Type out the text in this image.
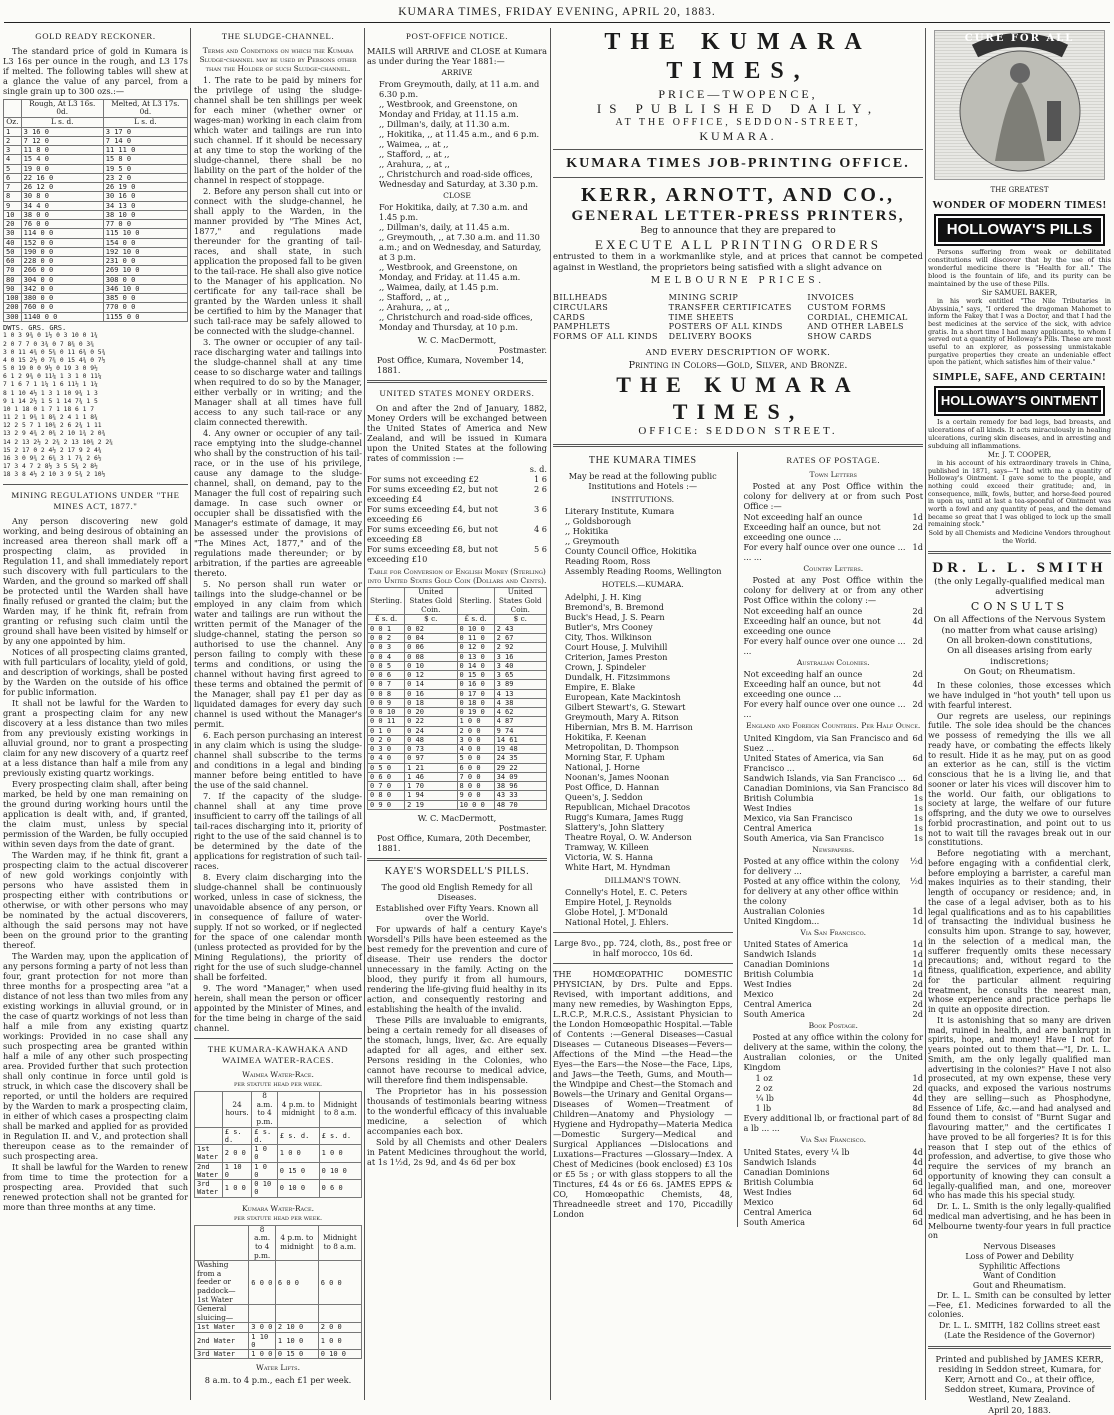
KUMARA TIMES, FRIDAY EVENING, APRIL 20, 1883.
GOLD READY RECKONER.

The standard price of gold in Kumara is L3 16s per ounce in the rough, and L3 17s if melted. The following tables will shew at a glance the value of any parcel, from a single grain up to 300 ozs.:—

	Rough, At L3 16s. 0d.	Melted, At L3 17s. 0d.
Oz.	L s. d.	L s. d.
1	3 16 0	3 17 0
2	7 12 0	7 14 0
3	11 8 0	11 11 0
4	15 4 0	15 8 0
5	19 0 0	19 5 0
6	22 16 0	23 2 0
7	26 12 0	26 19 0
8	30 8 0	30 16 0
9	34 4 0	34 13 0
10	38 0 0	38 10 0
20	76 0 0	77 0 0
30	114 0 0	115 10 0
40	152 0 0	154 0 0
50	190 0 0	192 10 0
60	228 0 0	231 0 0
70	266 0 0	269 10 0
80	304 0 0	308 0 0
90	342 0 0	346 10 0
100	380 0 0	385 0 0
200	760 0 0	770 0 0
300	1140 0 0	1155 0 0
DWTS. GRS. GRS.
1 0 3 9¾ 0 1½ 0 3 10 0 1¾
2 0 7 7 0 3¾ 0 7 8¾ 0 3¾
3 0 11 4¾ 0 5¾ 0 11 6¾ 0 5¾
4 0 15 2½ 0 7¾ 0 15 4¾ 0 7½
5 0 19 0 0 9½ 0 19 3 0 9½
6 1 2 9¾ 0 11¼ 1 3 1 0 11¼
7 1 6 7 1 1¼ 1 6 11½ 1 1¼
8 1 10 4½ 1 3 1 10 9¾ 1 3
9 1 14 2½ 1 5 1 14 7¾ 1 5
10 1 18 0 1 7 1 18 6 1 7
11 2 1 9¾ 1 8¾ 2 4 1 1 8¾
12 2 5 7 1 10¾ 2 6 2¾ 1 11
13 2 9 4¾ 2 0¾ 2 10 1¾ 2 0¾
14 2 13 2½ 2 2¾ 2 13 10¾ 2 2¾
15 2 17 0 2 4½ 2 17 9 2 4¾
16 3 0 9¾ 2 6¾ 3 1 7¾ 2 6½
17 3 4 7 2 8½ 3 5 5¾ 2 8½
18 3 8 4½ 2 10 3 9 5¾ 2 10½
MINING REGULATIONS UNDER "THE MINES ACT, 1877."

Any person discovering new gold working, and being desirous of obtaining an increased area thereon shall mark off a prospecting claim, as provided in Regulation 11, and shall immediately report such discovery with full particulars to the Warden, and the ground so marked off shall be protected until the Warden shall have finally refused or granted the claim; but the Warden may, if he think fit, refrain from granting or refusing such claim until the ground shall have been visited by himself or by any one appointed by him.

Notices of all prospecting claims granted, with full particulars of locality, yield of gold, and description of workings, shall be posted by the Warden on the outside of his office for public information.

It shall not be lawful for the Warden to grant a prospecting claim for any new discovery at a less distance than two miles from any previously existing workings in alluvial ground, nor to grant a prospecting claim for any new discovery of a quartz reef at a less distance than half a mile from any previously existing quartz workings.

Every prospecting claim shall, after being marked, be held by one man remaining on the ground during working hours until the application is dealt with, and, if granted, the claim must, unless by special permission of the Warden, be fully occupied within seven days from the date of grant.

The Warden may, if he think fit, grant a prospecting claim to the actual discoverer of new gold workings conjointly with persons who have assisted them in prospecting either with contributions or otherwise, or with other persons who may be nominated by the actual discoverers, although the said persons may not have been on the ground prior to the granting thereof.

The Warden may, upon the application of any persons forming a party of not less than four, grant protection for not more than three months for a prospecting area "at a distance of not less than two miles from any existing workings in alluvial ground, or in the case of quartz workings of not less than half a mile from any existing quartz workings: Provided in no case shall any such prospecting area be granted within half a mile of any other such prospecting area. Provided further that such protection shall only continue in force until gold is struck, in which case the discovery shall be reported, or until the holders are required by the Warden to mark a prospecting claim, in either of which cases a prospecting claim shall be marked and applied for as provided in Regulation II. and V., and protection shall thereupon cease as to the remainder of such prospecting area.

It shall be lawful for the Warden to renew from time to time the protection for a prospecting area. Provided that such renewed protection shall not be granted for more than three months at any time.

THE SLUDGE-CHANNEL.
Terms and Conditions on which the Kumara Sludge-channel may be used by Persons other than the Holder of such Sludge-channel.

1. The rate to be paid by miners for the privilege of using the sludge-channel shall be ten shillings per week for each miner (whether owner or wages-man) working in each claim from which water and tailings are run into such channel. If it should be necessary at any time to stop the working of the sludge-channel, there shall be no liability on the part of the holder of the channel in respect of stoppage.

2. Before any person shall cut into or connect with the sludge-channel, he shall apply to the Warden, in the manner provided by "The Mines Act, 1877," and regulations made thereunder for the granting of tail-races, and shall state, in such application the proposed fall to be given to the tail-race. He shall also give notice to the Manager of his application. No certificate for any tail-race shall be granted by the Warden unless it shall be certified to him by the Manager that such tail-race may be safely allowed to be connected with the sludge-channel.

3. The owner or occupier of any tail-race discharging water and tailings into the sludge-channel shall at any time cease to so discharge water and tailings when required to do so by the Manager, either verbally or in writing; and the Manager shall at all times have full access to any such tail-race or any claim connected therewith.

4. Any owner or occupier of any tail-race emptying into the sludge-channel who shall by the construction of his tail-race, or in the use of his privilege, cause any damage to the sludge-channel, shall, on demand, pay to the Manager the full cost of repairing such damage. In case such owner or occupier shall be dissatisfied with the Manager's estimate of damage, it may be assessed under the provisions of "The Mines Act, 1877," and of the regulations made thereunder; or by arbitration, if the parties are agreeable thereto.

5. No person shall run water or tailings into the sludge-channel or be employed in any claim from which water and tailings are run without the written permit of the Manager of the sludge-channel, stating the person so authorised to use the channel. Any person failing to comply with these terms and conditions, or using the channel without having first agreed to these terms and obtained the permit of the Manager, shall pay £1 per day as liquidated damages for every day such channel is used without the Manager's permit.

6. Each person purchasing an interest in any claim which is using the sludge-channel shall subscribe to the terms and conditions in a legal and binding manner before being entitled to have the use of the said channel.

7. If the capacity of the sludge-channel shall at any time prove insufficient to carry off the tailings of all tail-races discharging into it, priority of right to the use of the said channel is to be determined by the date of the applications for registration of such tail-races.

8. Every claim discharging into the sludge-channel shall be continuously worked, unless in case of sickness, the unavoidable absence of any person, or in consequence of failure of water-supply. If not so worked, or if neglected for the space of one calendar month (unless protected as provided for by the Mining Regulations), the priority of right for the use of such sludge-channel shall be forfeited.

9. The word "Manager," when used herein, shall mean the person or officer appointed by the Minister of Mines, and for the time being in charge of the said channel.

THE KUMARA-KAWHAKA AND WAIMEA WATER-RACES.
Waimea Water-Race.
per statute head per week.
	24 hours.	8 a.m. to 4 p.m.	4 p.m. to midnight	Midnight to 8 a.m.
	£ s. d.	£ s. d.	£ s. d.	£ s. d.
1st Water	2 0 0	1 0 0	1 0 0	1 0 0
2nd Water	1 10 0	1 0 0	0 15 0	0 10 0
3rd Water	1 0 0	0 10 0	0 10 0	0 6 0
Kumara Water-Race.
per statute head per week.
	8 a.m. to 4 p.m.	4 p.m. to midnight	Midnight to 8 a.m.
Washing from a feeder or paddock—1st Water	6 0 0	6 0 0	6 0 0
General sluicing—			
1st Water	3 0 0	2 10 0	2 0 0
2nd Water	1 10 0	1 10 0	1 0 0
3rd Water	1 0 0	0 15 0	0 10 0
Water Lifts.
8 a.m. to 4 p.m., each £1 per week.
POST-OFFICE NOTICE.

MAILS will ARRIVE and CLOSE at Kumara as under during the Year 1881:—

ARRIVE
From Greymouth, daily, at 11 a.m. and 6.30 p.m.
,, Westbrook, and Greenstone, on Monday and Friday, at 11.15 a.m.
,, Dillman's, daily, at 11.30 a.m.
,, Hokitika, ,, at 11.45 a.m., and 6 p.m.
,, Waimea, ,, at ,,
,, Stafford, ,, at ,,
,, Arahura, ,, at ,,
,, Christchurch and road-side offices, Wednesday and Saturday, at 3.30 p.m.
CLOSE
For Hokitika, daily, at 7.30 a.m. and 1.45 p.m.
,, Dillman's, daily, at 11.45 a.m.
,, Greymouth, ,, at 7.30 a.m. and 11.30 a.m.; and on Wednesday, and Saturday, at 3 p.m.
,, Westbrook, and Greenstone, on Monday, and Friday. at 11.45 a.m.
,, Waimea, daily, at 1.45 p.m.
,, Stafford, ,, at ,,
,, Arahura, ,, at ,,
,, Christchurch and road-side offices, Monday and Thursday, at 10 p.m.
W. C. MacDermott,
Postmaster.
Post Office, Kumara, November 14, 1881.
UNITED STATES MONEY ORDERS.

On and after the 2nd of January, 1882, Money Orders will be exchanged between the United States of America and New Zealand, and will be issued in Kumara upon the United States at the following rates of commission :—

s. d.
For sums not exceeding £2	1 6
For sums exceeding £2, but not exceeding £4
2 6
For sums exceeding £4, but not exceeding £6
3 6
For sums exceeding £6, but not exceeding £8
4 6
For sums exceeding £8, but not exceeding £10
5 6
Table for Conversion of English Money (Sterling) into United States Gold Coin (Dollars and Cents).
Sterling.	United States Gold Coin.	Sterling.	United States Gold Coin.
£ s. d.	$ c.	£ s. d.	$ c.
0 0 1	0 02	0 10 0	2 43
0 0 2	0 04	0 11 0	2 67
0 0 3	0 06	0 12 0	2 92
0 0 4	0 08	0 13 0	3 16
0 0 5	0 10	0 14 0	3 40
0 0 6	0 12	0 15 0	3 65
0 0 7	0 14	0 16 0	3 89
0 0 8	0 16	0 17 0	4 13
0 0 9	0 18	0 18 0	4 38
0 0 10	0 20	0 19 0	4 62
0 0 11	0 22	1 0 0	4 87
0 1 0	0 24	2 0 0	9 74
0 2 0	0 48	3 0 0	14 61
0 3 0	0 73	4 0 0	19 48
0 4 0	0 97	5 0 0	24 35
0 5 0	1 21	6 0 0	29 22
0 6 0	1 46	7 0 0	34 09
0 7 0	1 70	8 0 0	38 96
0 8 0	1 94	9 0 0	43 33
0 9 0	2 19	10 0 0	48 70
W. C. MacDermott,
Postmaster.
Post Office, Kumara, 20th December, 1881.
KAYE'S WORSDELL'S PILLS.

The good old English Remedy for all Diseases.

Established over Fifty Years. Known all over the World.

For upwards of half a century Kaye's Worsdell's Pills have been esteemed as the best remedy for the prevention and cure of disease. Their use renders the doctor unnecessary in the family. Acting on the blood, they purify it from all humours, rendering the life-giving fluid healthy in its action, and consequently restoring and establishing the health of the invalid.

These Pills are invaluable to emigrants, being a certain remedy for all diseases of the stomach, lungs, liver, &c. Are equally adapted for all ages, and either sex. Persons residing in the Colonies, who cannot have recourse to medical advice, will therefore find them indispensable.

The Proprietor has in his possession thousands of testimonials bearing witness to the wonderful efficacy of this invaluable medicine, a selection of which accompanies each box.

Sold by all Chemists and other Dealers in Patent Medicines throughout the world, at 1s 1½d, 2s 9d, and 4s 6d per box

THE KUMARA TIMES,
PRICE—TWOPENCE,
IS PUBLISHED DAILY,
AT THE OFFICE, SEDDON-STREET,
KUMARA.
KUMARA TIMES JOB-PRINTING OFFICE.
KERR, ARNOTT, AND CO.,
GENERAL LETTER-PRESS PRINTERS,
Beg to announce that they are prepared to
EXECUTE ALL PRINTING ORDERS

entrusted to them in a workmanlike style, and at prices that cannot be competed against in Westland, the proprietors being satisfied with a slight advance on

MELBOURNE PRICES.
BILLHEADS
CIRCULARS
CARDS
PAMPHLETS
FORMS OF ALL KINDS
MINING SCRIP
TRANSFER CERTIFICATES
TIME SHEETS
POSTERS OF ALL KINDS
DELIVERY BOOKS
INVOICES
CUSTOM FORMS
CORDIAL, CHEMICAL
AND OTHER LABELS
SHOW CARDS
AND EVERY DESCRIPTION OF WORK.
Printing in Colors—Gold, Silver, and Bronze.
THE KUMARA TIMES,
OFFICE: SEDDON STREET.
THE KUMARA TIMES

May be read at the following public Institutions and Hotels :—

INSTITUTIONS.
Literary Institute, Kumara
,, Goldsborough
,, Hokitika
,, Greymouth
County Council Office, Hokitika
Reading Room, Ross
Assembly Reading Rooms, Wellington
HOTELS.—KUMARA.
Adelphi, J. H. King
Bremond's, B. Bremond
Buck's Head, J. S. Pearn
Butler's, Mrs Cooney
City, Thos. Wilkinson
Court House, J. Mulvihill
Criterion, James Preston
Crown, J. Spindeler
Dundalk, H. Fitzsimmons
Empire, E. Blake
European, Kate Mackintosh
Gilbert Stewart's, G. Stewart
Greymouth, Mary A. Ritson
Hibernian, Mrs B. M. Harrison
Hokitika, F. Keenan
Metropolitan, D. Thompson
Morning Star, F. Upham
National, J. Horne
Noonan's, James Noonan
Post Office, D. Hannan
Queen's, J. Seddon
Republican, Michael Dracotos
Rugg's Kumara, James Rugg
Slattery's, John Slattery
Theatre Royal, O. W. Anderson
Tramway, W. Killeen
Victoria, W. S. Hanna
White Hart, M. Hyndman
DILLMAN'S TOWN.
Connelly's Hotel, E. C. Peters
Empire Hotel, J. Reynolds
Globe Hotel, J. M'Donald
National Hotel, J. Ehlers.

Large 8vo., pp. 724, cloth, 8s., post free or in half morocco, 10s 6d.

THE HOMŒOPATHIC DOMESTIC PHYSICIAN, by Drs. Pulte and Epps. Revised, with important additions, and many new remedies, by Washington Epps, L.R.C.P., M.R.C.S., Assistant Physician to the London Homœopathic Hospital.—Table of Contents :—General Diseases—Casual Diseases — Cutaneous Diseases—Fevers—Affections of the Mind —the Head—the Eyes—the Ears—the Nose—the Face, Lips, and Jaws—the Teeth, Gums, and Mouth—the Windpipe and Chest—the Stomach and Bowels—the Urinary and Genital Organs—Diseases of Women—Treatment of Children—Anatomy and Physiology — Hygiene and Hydropathy—Materia Medica—Domestic Surgery—Medical and Surgical Appliances —Dislocations and Luxations—Fractures —Glossary—Index. A Chest of Medicines (book enclosed) £3 10s or £5 5s ; or with glass stoppers to all the Tinctures, £4 4s or £6 6s. JAMES EPPS & CO, Homœopathic Chemists, 48, Threadneedle street and 170, Piccadilly London

RATES OF POSTAGE.
Town Letters

Posted at any Post Office within the colony for delivery at or from such Post Office :—

Not exceeding half an ounce	1d
Exceeding half an ounce, but not exceeding one ounce ...
2d
For every half ounce over one ounce ... ... ...
1d
Country Letters.

Posted at any Post Office within the colony for delivery at or from any other Post Office within the colony :—

Not exceeding half an ounce	2d
Exceeding half an ounce, but not exceeding one ounce
4d
For every half ounce over one ounce ... ...
2d
Australian Colonies.
Not exceeding half an ounce	2d
Exceeding half an ounce, but not exceeding one ounce ...
4d
For every half ounce over one ounce ... ...
2d
England and Foreign Countries. Per Half Ounce.
United Kingdom, via San Francisco and Suez ...
6d
United States of America, via San Francisco ...
6d
Sandwich Islands, via San Francisco ... 6d
Canadian Dominions, via San Francisco 8d
British Columbia	1s
West Indies	1s
Mexico, via San Francisco	1s
Central America	1s
South America, via San Francisco	1s
Newspapers.
Posted at any office within the colony for delivery ...
½d
Posted at any office within the colony, for delivery at any other office within the colony
½d
Australian Colonies	1d
United Kingdom...	1d
Via San Francisco.
United States of America	1d
Sandwich Islands	1d
Canadian Dominions	1d
British Columbia	1d
West Indies	2d
Mexico	2d
Central America	2d
South America	2d
Book Postage.

Posted at any office within the colony for delivery at the same, within the colony, the Australian colonies, or the United Kingdom

1 oz	1d
2 oz	2d
¼ lb	4d
1 lb	8d
Every additional lb, or fractional part of a lb ... ...
8d
Via San Francisco.
United States, every ¼ lb	4d
Sandwich Islands	4d
Canadian Dominions	6d
British Columbia	6d
West Indies	6d
Mexico	6d
Central America	6d
South America	6d
CURE FOR ALL
THE GREATEST
WONDER OF MODERN TIMES!
HOLLOWAY'S PILLS

Persons suffering from weak or debilitated constitutions will discover that by the use of this wonderful medicine there is "Health for all." The blood is the fountain of life, and its purity can be maintained by the use of these Pills.

Sir SAMUEL BAKER,

in his work entitled "The Nile Tributaries in Abyssinia," says, "I ordered the dragoman Mahomet to inform the Fakey that I was a Doctor, and that I had the best medicines at the service of the sick, with advice gratis. In a short time I had many applicants, to whom I served out a quantity of Holloway's Pills. These are most useful to an explorer, as possessing unmistakable purgative properties they create an undeniable effect upon the patient, which satisfies him of their value."

SIMPLE, SAFE, AND CERTAIN!
HOLLOWAY'S OINTMENT

Is a certain remedy for bad legs, bad breasts, and ulcerations of all kinds. It acts miraculously in healing ulcerations, curing skin diseases, and in arresting and subduing all inflammations.

Mr. J. T. COOPER,

in his account of his extraordinary travels in China, published in 1871, says—"I had with me a quantity of Holloway's Ointment. I gave some to the people, and nothing could exceed their gratitude; and, in consequence, milk, fowls, butter, and horse-feed poured in upon us, until at last a tea-spoonful of Ointment was worth a fowl and any quantity of peas, and the demand became so great that I was obliged to lock up the small remaining stock."

Sold by all Chemists and Medicine Vendors throughout the World.

DR. L. L. SMITH
(the only Legally-qualified medical man advertising
CONSULTS
On all Affections of the Nervous System (no matter from what cause arising)
On all broken-down constitutions,
On all diseases arising from early indiscretions;
On Gout; on Rheumatism.

In these colonies, those excesses which we have indulged in "hot youth" tell upon us with fearful interest.

Our regrets are useless, our repinings futile. The sole idea should be the chances we possess of remedying the ills we all ready have, or combating the effects likely to result. Hide it as he may, put on as good an exterior as he can, still is the victim conscious that he is a living lie, and that sooner or later his vices will discover him to the world. Our faith, our obligations to society at large, the welfare of our future offspring, and the duty we owe to ourselves forbid procrastination, and point out to us not to wait till the ravages break out in our constitutions.

Before negotiating with a merchant, before engaging with a confidential clerk, before employing a barrister, a careful man makes inquiries as to their standing, their length of occupancy or residence; and, in the case of a legal adviser, both as to his legal qualifications and as to his capabilities of transacting the individual business he consults him upon. Strange to say, however, in the selection of a medical man, the sufferer frequently omits these necessary precautions; and, without regard to the fitness, qualification, experience, and ability for the particular ailment requiring treatment, he consults the nearest man, whose experience and practice perhaps lie in quite an opposite direction.

It is astonishing that so many are driven mad, ruined in health, and are bankrupt in spirits, hope, and money! Have I not for years pointed out to them that—"I, Dr. L. L. Smith, am the only legally qualified man advertising in the colonies?" Have I not also prosecuted, at my own expense, these very quacks, and exposed the various nostrums they are selling—such as Phosphodyne, Essence of Life, &c.—and had analysed and found them to consist of "Burnt Sugar and flavouring matter," and the certificates I have proved to be all forgeries? It is for this reason that I step out of the ethics of profession, and advertise, to give those who require the services of my branch an opportunity of knowing they can consult a legally-qualified man, and one, moreover who has made this his special study.

Dr. L. L. Smith is the only legally-qualified medical man advertising, and he has been in Melbourne twenty-four years in full practice on

Nervous Diseases
Loss of Power and Debility
Syphilitic Affections
Want of Condition
Gout and Rheumatism.

Dr. L. L. Smith can be consulted by letter—Fee, £1. Medicines forwarded to all the colonies.

Dr. L. L. SMITH, 182 Collins street east (Late the Residence of the Governor)

Printed and published by JAMES KERR, residing in Seddon street, Kumara, for Kerr, Arnott and Co., at their office, Seddon street, Kumara, Province of Westland, New Zealand.

April 20, 1883.
